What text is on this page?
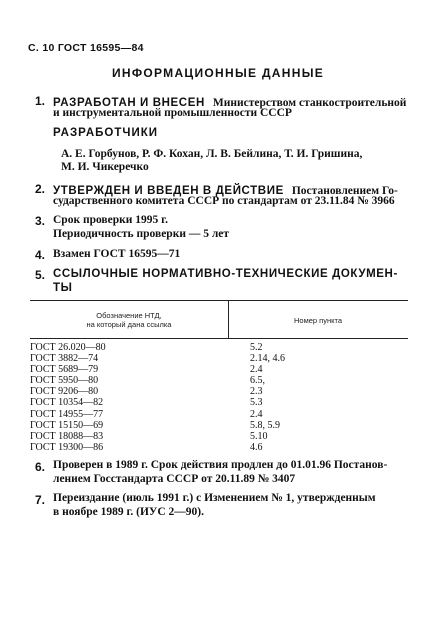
С. 10 ГОСТ 16595—84
ИНФОРМАЦИОННЫЕ ДАННЫЕ
1. РАЗРАБОТАН И ВНЕСЕН Министерством станкостроительной
и инструментальной промышленности СССР
РАЗРАБОТЧИКИ
А. Е. Горбунов, Р. Ф. Кохан, Л. В. Бейлина, Т. И. Гришина,
М. И. Чикеречко
2. УТВЕРЖДЕН И ВВЕДЕН В ДЕЙСТВИЕ Постановлением Го-
сударственного комитета СССР по стандартам от 23.11.84 № 3966
3. Срок проверки 1995 г.
Периодичность проверки — 5 лет
4. Взамен ГОСТ 16595—71
5. ССЫЛОЧНЫЕ НОРМАТИВНО-ТЕХНИЧЕСКИЕ ДОКУМЕН-
ТЫ
Обозначение НТД,
на который дана ссылка	Номер пункта
ГОСТ 26.020—80
ГОСТ 3882—74
ГОСТ 5689—79
ГОСТ 5950—80
ГОСТ 9206—80
ГОСТ 10354—82
ГОСТ 14955—77
ГОСТ 15150—69
ГОСТ 18088—83
ГОСТ 19300—86
5.2
2.14, 4.6
2.4
6.5,
2.3
5.3
2.4
5.8, 5.9
5.10
4.6
6. Проверен в 1989 г. Срок действия продлен до 01.01.96 Постанов-
лением Госстандарта СССР от 20.11.89 № 3407
7. Переиздание (июль 1991 г.) с Изменением № 1, утвержденным
в ноябре 1989 г. (ИУС 2—90).
